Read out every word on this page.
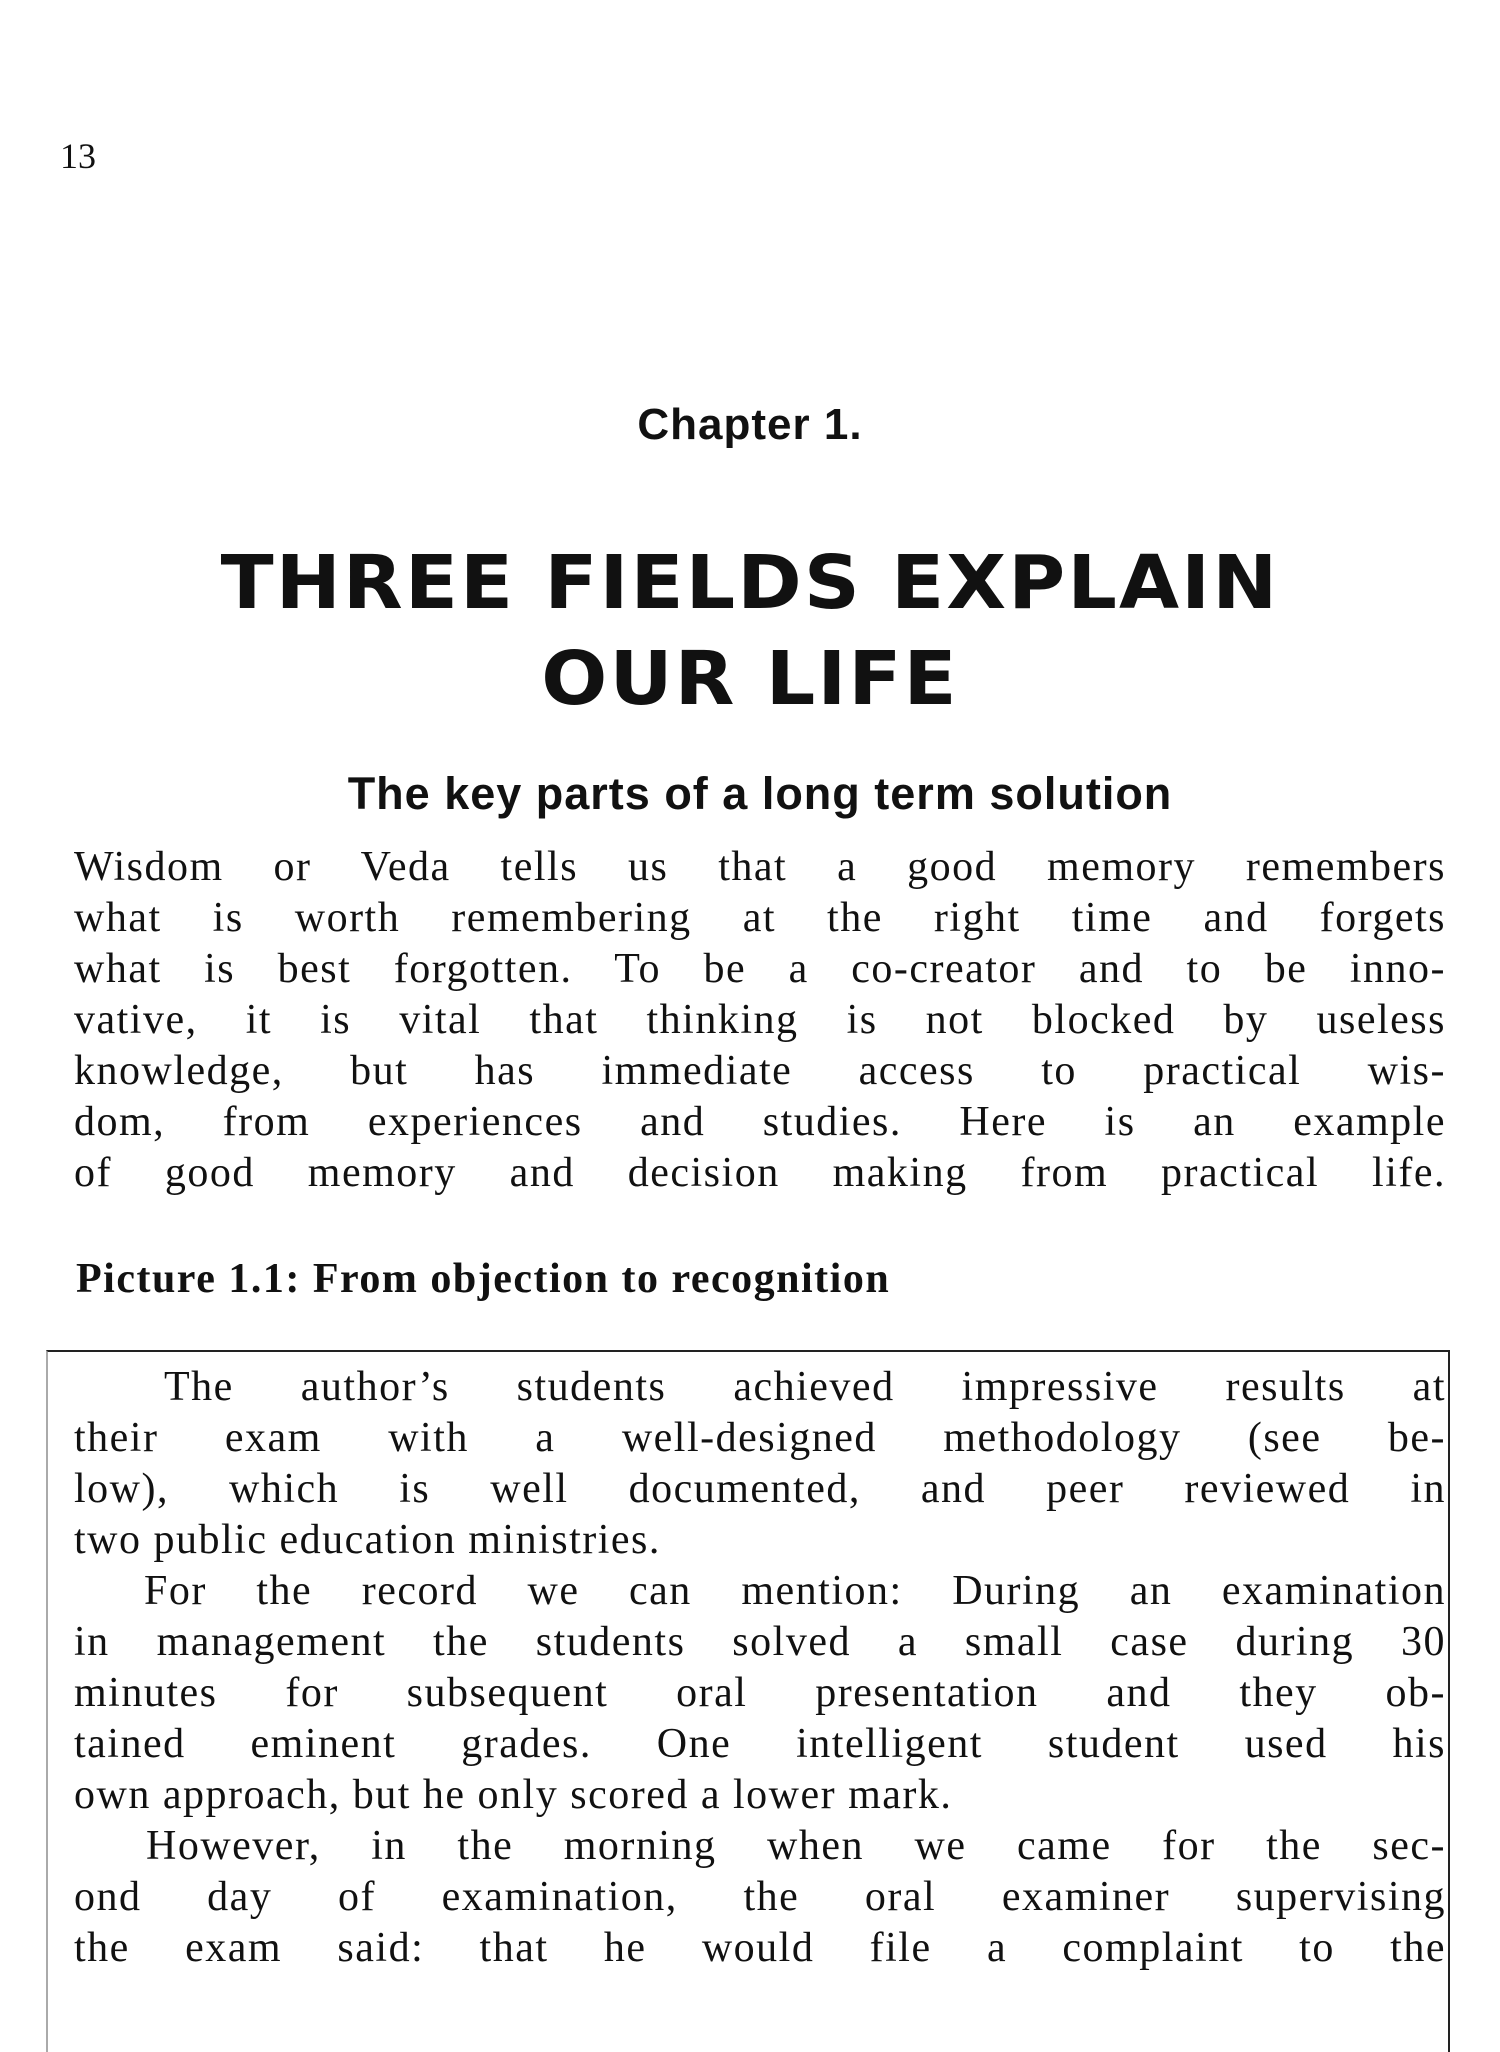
13
Chapter 1.
THREE FIELDS EXPLAIN
OUR LIFE
The key parts of a long term solution
Wisdom or Veda tells us that a good memory remembers
what is worth remembering at the right time and forgets
what is best forgotten. To be a co-creator and to be inno-
vative, it is vital that thinking is not blocked by useless
knowledge, but has immediate access to practical wis-
dom, from experiences and studies. Here is an example
of good memory and decision making from practical life.
Picture 1.1: From objection to recognition
The author’s students achieved impressive results at
their exam with a well-designed methodology (see be-
low), which is well documented, and peer reviewed in
two public education ministries.
For the record we can mention: During an examination
in management the students solved a small case during 30
minutes for subsequent oral presentation and they ob-
tained eminent grades. One intelligent student used his
own approach, but he only scored a lower mark.
However, in the morning when we came for the sec-
ond day of examination, the oral examiner supervising
the exam said: that he would file a complaint to the
